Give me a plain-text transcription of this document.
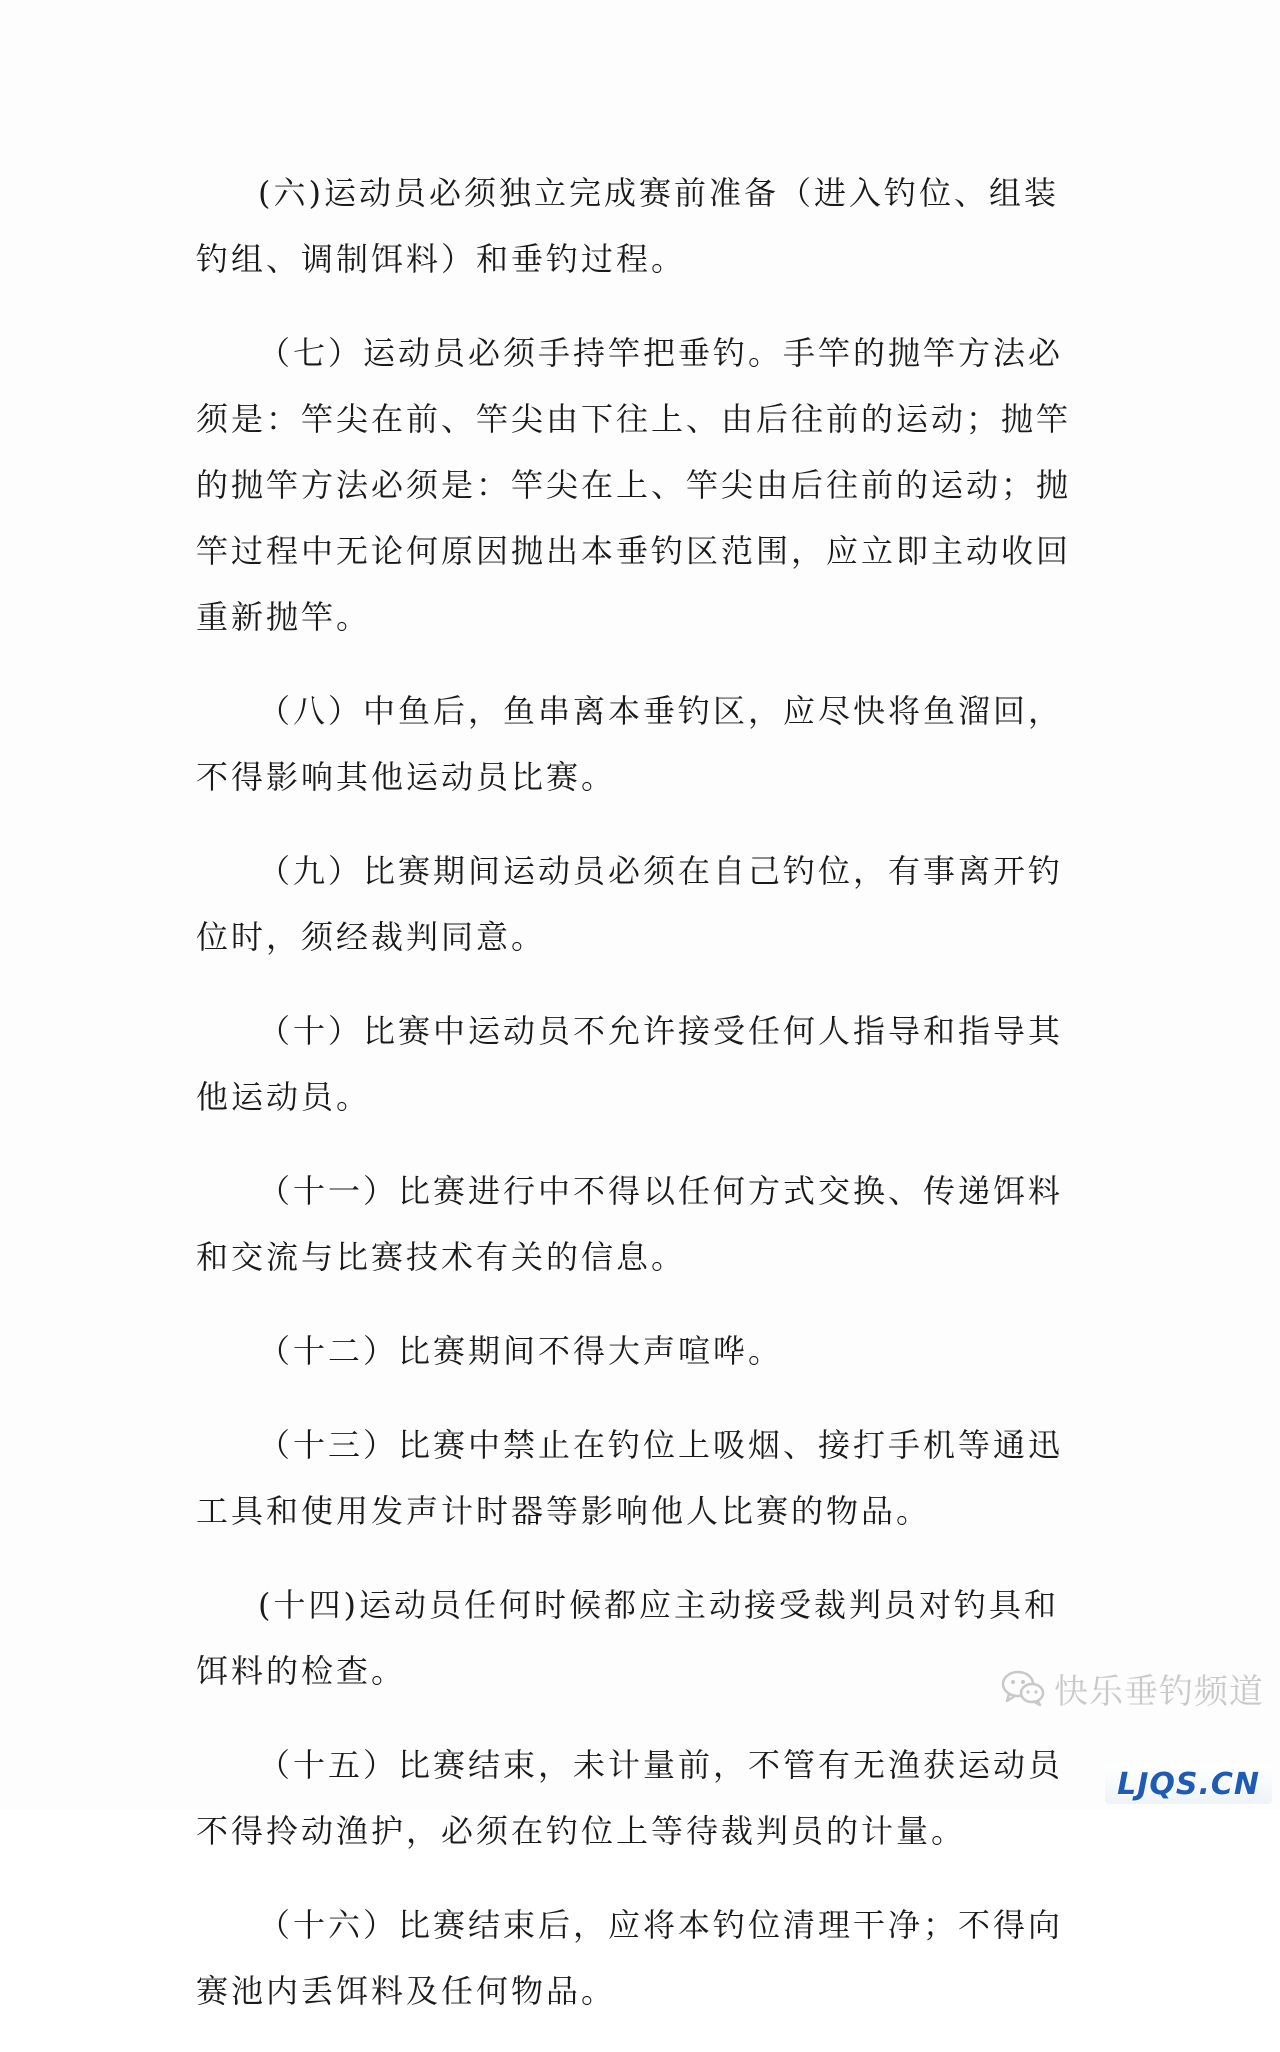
(六)运动员必须独立完成赛前准备（进入钓位、组装钓组、调制饵料）和垂钓过程。

（七）运动员必须手持竿把垂钓。手竿的抛竿方法必须是：竿尖在前、竿尖由下往上、由后往前的运动；抛竿的抛竿方法必须是：竿尖在上、竿尖由后往前的运动；抛竿过程中无论何原因抛出本垂钓区范围，应立即主动收回重新抛竿。

（八）中鱼后，鱼串离本垂钓区，应尽快将鱼溜回，不得影响其他运动员比赛。

（九）比赛期间运动员必须在自己钓位，有事离开钓位时，须经裁判同意。

（十）比赛中运动员不允许接受任何人指导和指导其他运动员。

（十一）比赛进行中不得以任何方式交换、传递饵料和交流与比赛技术有关的信息。

（十二）比赛期间不得大声喧哗。

（十三）比赛中禁止在钓位上吸烟、接打手机等通迅工具和使用发声计时器等影响他人比赛的物品。

(十四)运动员任何时候都应主动接受裁判员对钓具和饵料的检查。

（十五）比赛结束，未计量前，不管有无渔获运动员不得拎动渔护，必须在钓位上等待裁判员的计量。

（十六）比赛结束后，应将本钓位清理干净；不得向赛池内丢饵料及任何物品。

快乐垂钓频道
LJQS.CN
